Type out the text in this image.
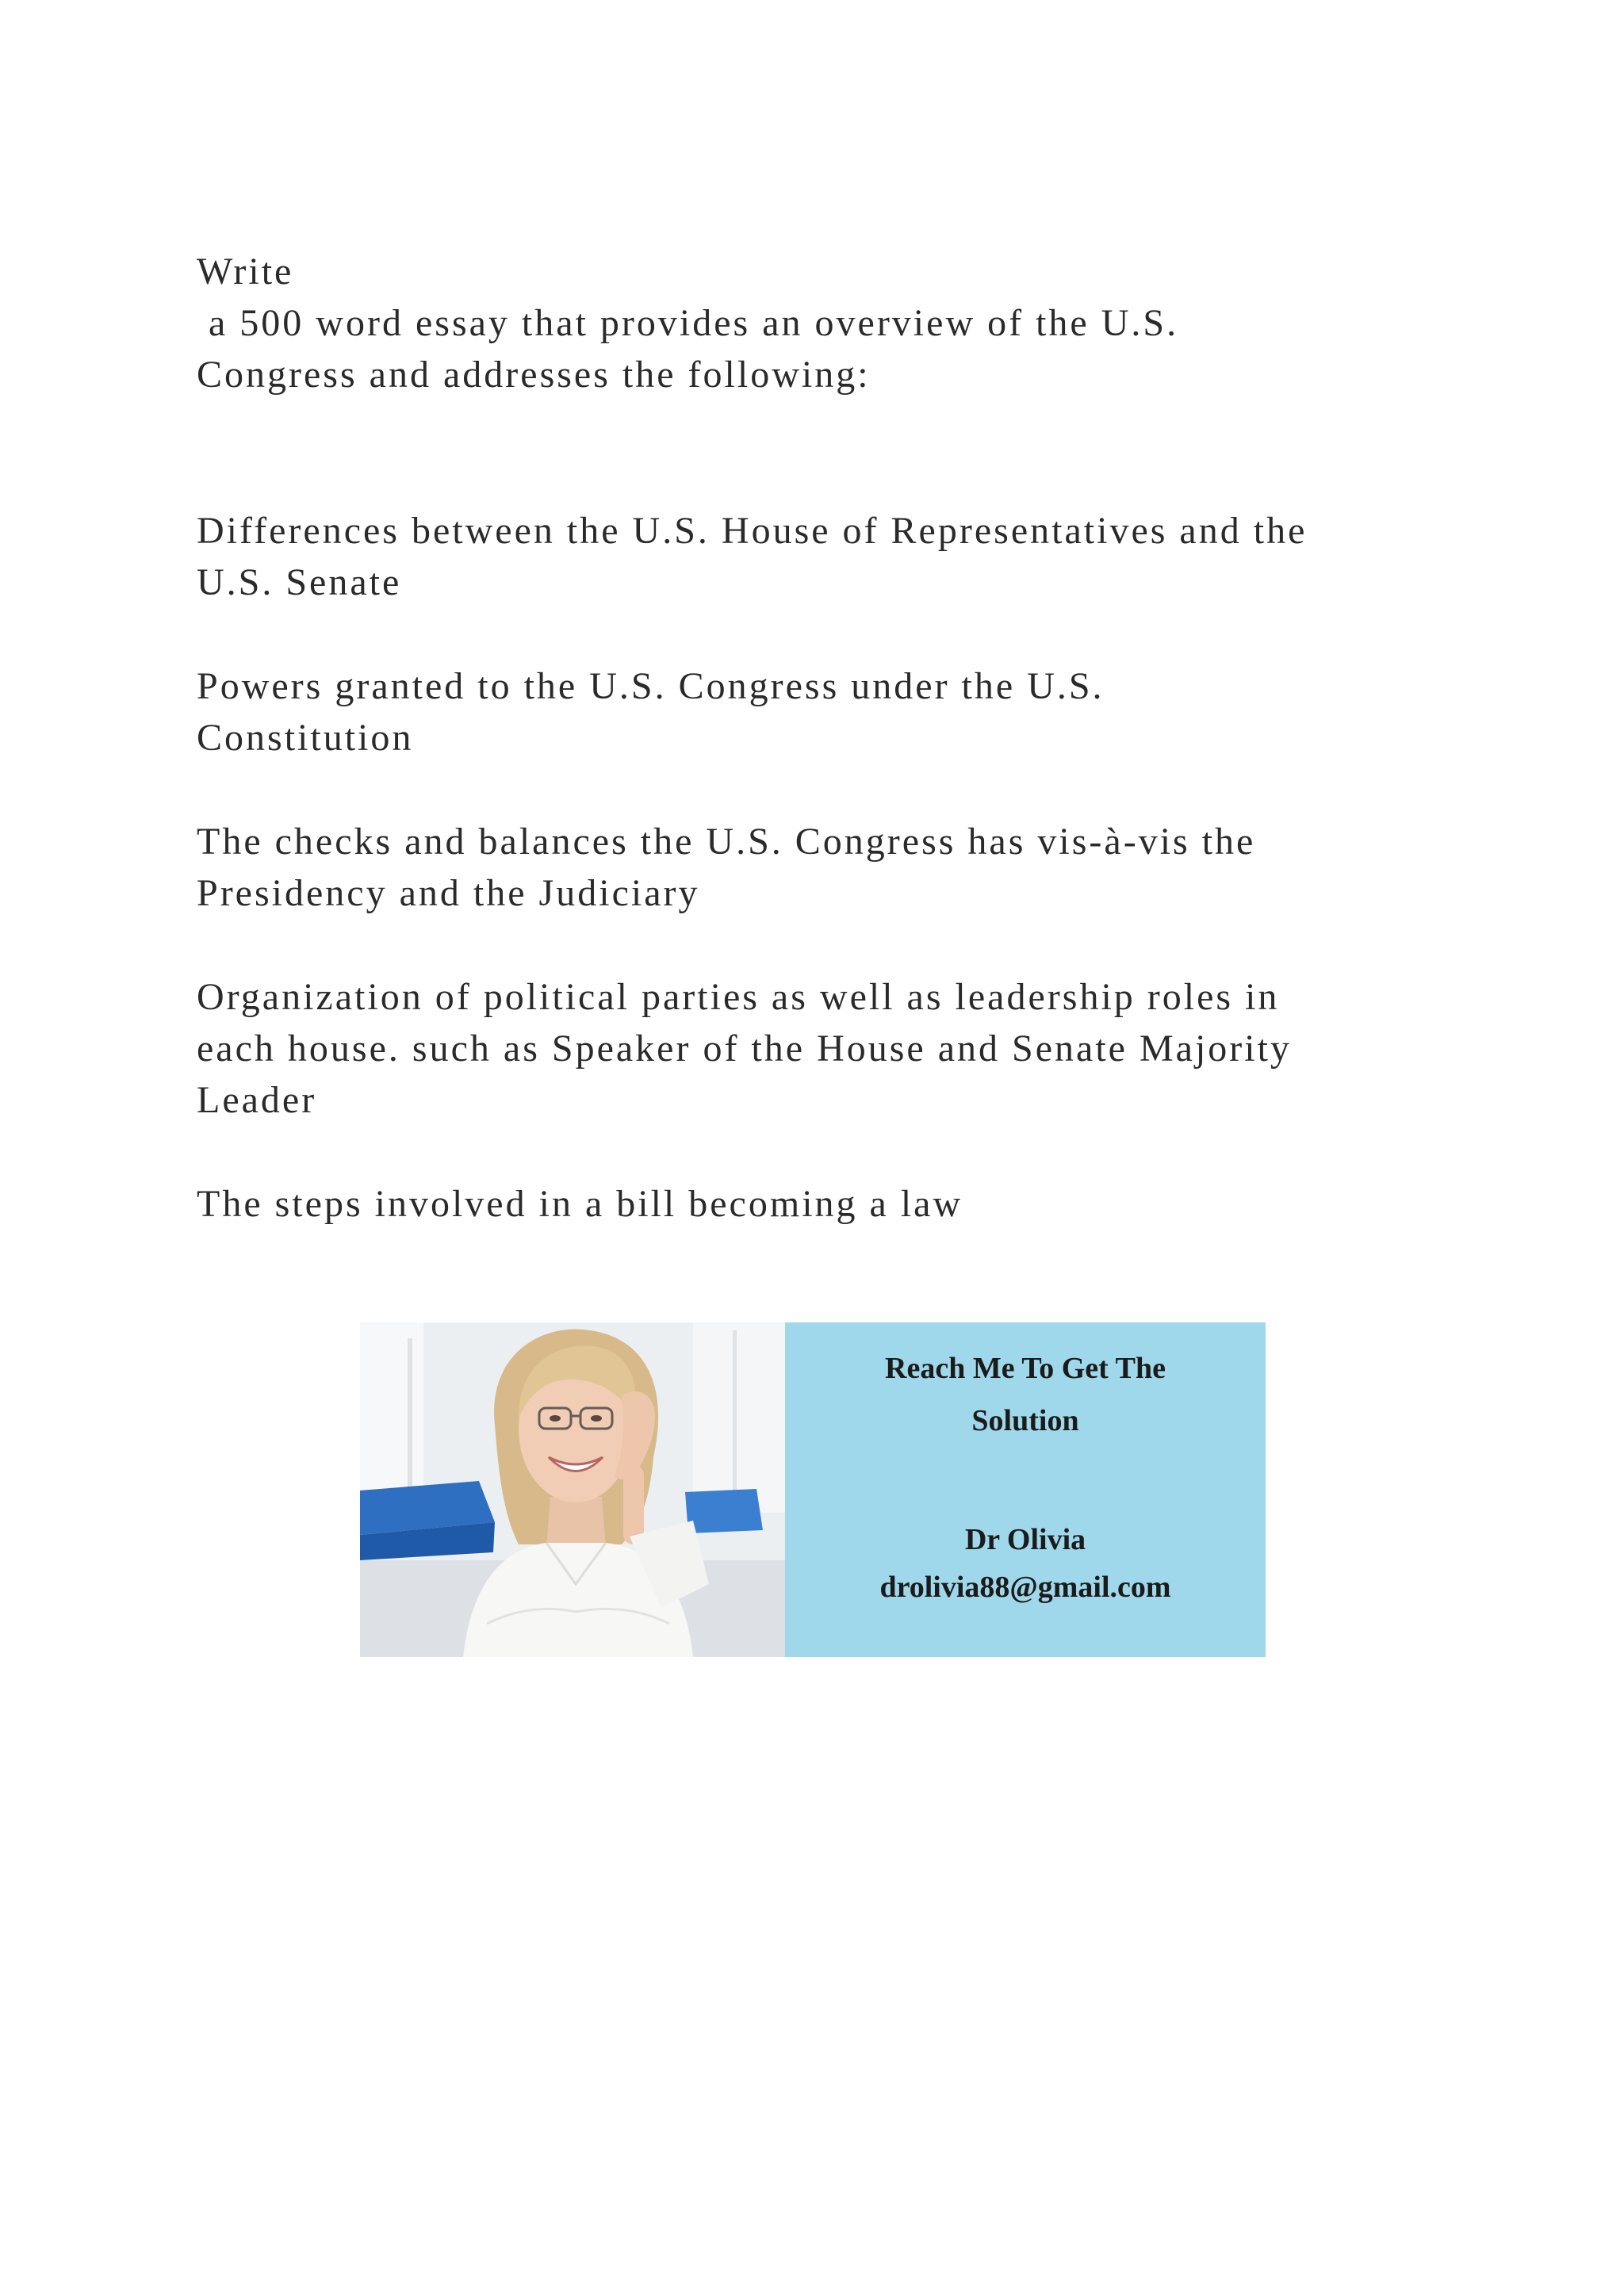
Write
a 500 word essay that provides an overview of the U.S.
Congress and addresses the following:

Differences between the U.S. House of Representatives and the
U.S. Senate

Powers granted to the U.S. Congress under the U.S.
Constitution

The checks and balances the U.S. Congress has vis-à-vis the
Presidency and the Judiciary

Organization of political parties as well as leadership roles in
each house. such as Speaker of the House and Senate Majority
Leader

The steps involved in a bill becoming a law

Reach Me To Get The
Solution
Dr Olivia
drolivia88@gmail.com
